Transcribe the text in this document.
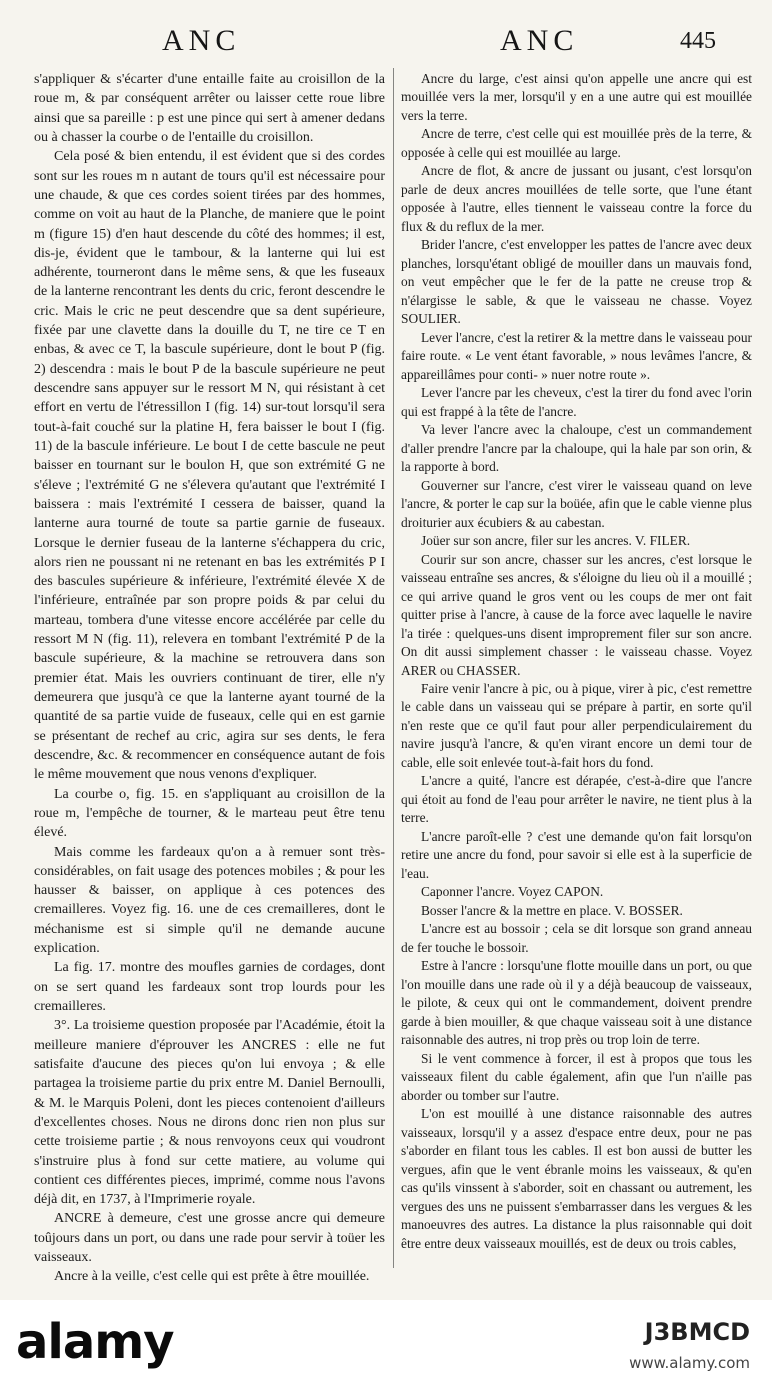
ANC	ANC	445

s'appliquer & s'écarter d'une entaille faite au croisillon de la roue m, & par conséquent arrêter ou laisser cette roue libre ainsi que sa pareille : p est une pince qui sert à amener dedans ou à chasser la courbe o de l'entaille du croisillon.

Cela posé & bien entendu, il est évident que si des cordes sont sur les roues m n autant de tours qu'il est nécessaire pour une chaude, & que ces cordes soient tirées par des hommes, comme on voit au haut de la Planche, de maniere que le point m (figure 15) d'en haut descende du côté des hommes; il est, dis-je, évident que le tambour, & la lanterne qui lui est adhérente, tourneront dans le même sens, & que les fuseaux de la lanterne rencontrant les dents du cric, feront descendre le cric. Mais le cric ne peut descendre que sa dent supérieure, fixée par une clavette dans la douille du T, ne tire ce T en enbas, & avec ce T, la bascule supérieure, dont le bout P (fig. 2) descendra : mais le bout P de la bascule supérieure ne peut descendre sans appuyer sur le ressort M N, qui résistant à cet effort en vertu de l'étressillon I (fig. 14) sur-tout lorsqu'il sera tout-à-fait couché sur la platine H, fera baisser le bout I (fig. 11) de la bascule inférieure. Le bout I de cette bascule ne peut baisser en tournant sur le boulon H, que son extrémité G ne s'éleve ; l'extrémité G ne s'élevera qu'autant que l'extrémité I baissera : mais l'extrémité I cessera de baisser, quand la lanterne aura tourné de toute sa partie garnie de fuseaux. Lorsque le dernier fuseau de la lanterne s'échappera du cric, alors rien ne poussant ni ne retenant en bas les extrémités P I des bascules supérieure & inférieure, l'extrémité élevée X de l'inférieure, entraînée par son propre poids & par celui du marteau, tombera d'une vitesse encore accélérée par celle du ressort M N (fig. 11), relevera en tombant l'extrémité P de la bascule supérieure, & la machine se retrouvera dans son premier état. Mais les ouvriers continuant de tirer, elle n'y demeurera que jusqu'à ce que la lanterne ayant tourné de la quantité de sa partie vuide de fuseaux, celle qui en est garnie se présentant de rechef au cric, agira sur ses dents, le fera descendre, &c. & recommencer en conséquence autant de fois le même mouvement que nous venons d'expliquer.

La courbe o, fig. 15. en s'appliquant au croisillon de la roue m, l'empêche de tourner, & le marteau peut être tenu élevé.

Mais comme les fardeaux qu'on a à remuer sont très-considérables, on fait usage des potences mobiles ; & pour les hausser & baisser, on applique à ces potences des cremailleres. Voyez fig. 16. une de ces cremailleres, dont le méchanisme est si simple qu'il ne demande aucune explication.

La fig. 17. montre des moufles garnies de cordages, dont on se sert quand les fardeaux sont trop lourds pour les cremailleres.

3°. La troisieme question proposée par l'Académie, étoit la meilleure maniere d'éprouver les ANCRES : elle ne fut satisfaite d'aucune des pieces qu'on lui envoya ; & elle partagea la troisieme partie du prix entre M. Daniel Bernoulli, & M. le Marquis Poleni, dont les pieces contenoient d'ailleurs d'excellentes choses. Nous ne dirons donc rien non plus sur cette troisieme partie ; & nous renvoyons ceux qui voudront s'instruire plus à fond sur cette matiere, au volume qui contient ces différentes pieces, imprimé, comme nous l'avons déjà dit, en 1737, à l'Imprimerie royale.

ANCRE à demeure, c'est une grosse ancre qui demeure toûjours dans un port, ou dans une rade pour servir à toüer les vaisseaux.

Ancre à la veille, c'est celle qui est prête à être mouillée.

Ancre du large, c'est ainsi qu'on appelle une ancre qui est mouillée vers la mer, lorsqu'il y en a une autre qui est mouillée vers la terre.

Ancre de terre, c'est celle qui est mouillée près de la terre, & opposée à celle qui est mouillée au large.

Ancre de flot, & ancre de jussant ou jusant, c'est lorsqu'on parle de deux ancres mouillées de telle sorte, que l'une étant opposée à l'autre, elles tiennent le vaisseau contre la force du flux & du reflux de la mer.

Brider l'ancre, c'est envelopper les pattes de l'ancre avec deux planches, lorsqu'étant obligé de mouiller dans un mauvais fond, on veut empêcher que le fer de la patte ne creuse trop & n'élargisse le sable, & que le vaisseau ne chasse. Voyez SOULIER.

Lever l'ancre, c'est la retirer & la mettre dans le vaisseau pour faire route. « Le vent étant favorable, » nous levâmes l'ancre, & appareillâmes pour conti- » nuer notre route ».

Lever l'ancre par les cheveux, c'est la tirer du fond avec l'orin qui est frappé à la tête de l'ancre.

Va lever l'ancre avec la chaloupe, c'est un commandement d'aller prendre l'ancre par la chaloupe, qui la hale par son orin, & la rapporte à bord.

Gouverner sur l'ancre, c'est virer le vaisseau quand on leve l'ancre, & porter le cap sur la boüée, afin que le cable vienne plus droiturier aux écubiers & au cabestan.

Joüer sur son ancre, filer sur les ancres. V. FILER.

Courir sur son ancre, chasser sur les ancres, c'est lorsque le vaisseau entraîne ses ancres, & s'éloigne du lieu où il a mouillé ; ce qui arrive quand le gros vent ou les coups de mer ont fait quitter prise à l'ancre, à cause de la force avec laquelle le navire l'a tirée : quelques-uns disent improprement filer sur son ancre. On dit aussi simplement chasser : le vaisseau chasse. Voyez ARER ou CHASSER.

Faire venir l'ancre à pic, ou à pique, virer à pic, c'est remettre le cable dans un vaisseau qui se prépare à partir, en sorte qu'il n'en reste que ce qu'il faut pour aller perpendiculairement du navire jusqu'à l'ancre, & qu'en virant encore un demi tour de cable, elle soit enlevée tout-à-fait hors du fond.

L'ancre a quité, l'ancre est dérapée, c'est-à-dire que l'ancre qui étoit au fond de l'eau pour arrêter le navire, ne tient plus à la terre.

L'ancre paroît-elle ? c'est une demande qu'on fait lorsqu'on retire une ancre du fond, pour savoir si elle est à la superficie de l'eau.

Caponner l'ancre. Voyez CAPON.

Bosser l'ancre & la mettre en place. V. BOSSER.

L'ancre est au bossoir ; cela se dit lorsque son grand anneau de fer touche le bossoir.

Estre à l'ancre : lorsqu'une flotte mouille dans un port, ou que l'on mouille dans une rade où il y a déjà beaucoup de vaisseaux, le pilote, & ceux qui ont le commandement, doivent prendre garde à bien mouiller, & que chaque vaisseau soit à une distance raisonnable des autres, ni trop près ou trop loin de terre.

Si le vent commence à forcer, il est à propos que tous les vaisseaux filent du cable également, afin que l'un n'aille pas aborder ou tomber sur l'autre.

L'on est mouillé à une distance raisonnable des autres vaisseaux, lorsqu'il y a assez d'espace entre deux, pour ne pas s'aborder en filant tous les cables. Il est bon aussi de butter les vergues, afin que le vent ébranle moins les vaisseaux, & qu'en cas qu'ils vinssent à s'aborder, soit en chassant ou autrement, les vergues des uns ne puissent s'embarrasser dans les vergues & les manoeuvres des autres. La distance la plus raisonnable qui doit être entre deux vaisseaux mouillés, est de deux ou trois cables,

alamy	J3BMCD
www.alamy.com
